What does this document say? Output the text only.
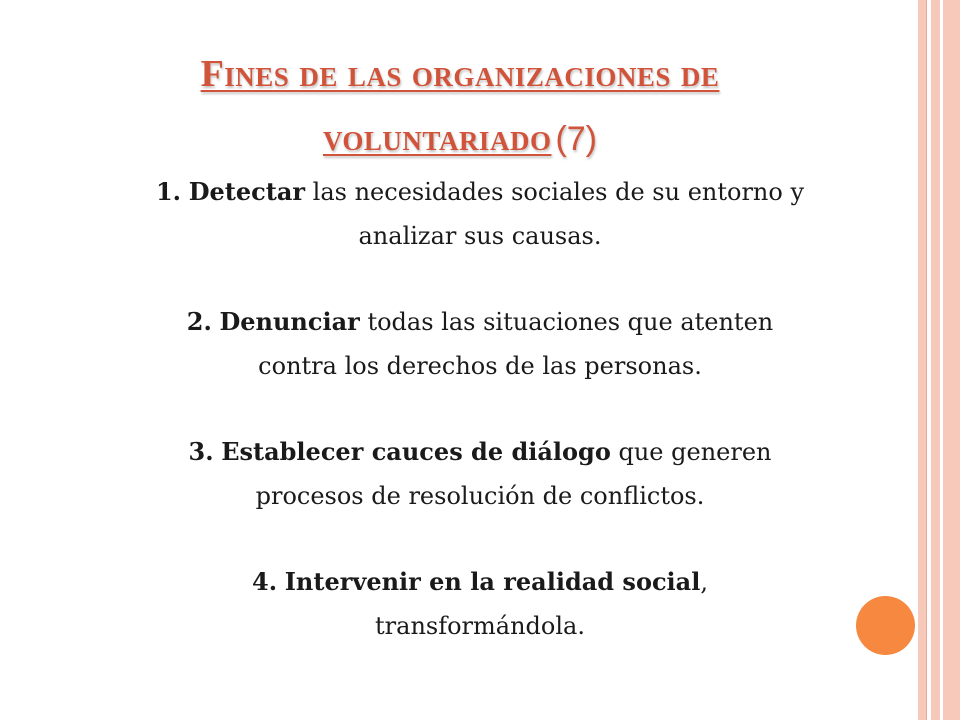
Fines de las organizaciones de
voluntariado (7)
1. Detectar las necesidades sociales de su entorno y
analizar sus causas.
2. Denunciar todas las situaciones que atenten
contra los derechos de las personas.
3. Establecer cauces de diálogo que generen
procesos de resolución de conflictos.
4. Intervenir en la realidad social,
transformándola.
